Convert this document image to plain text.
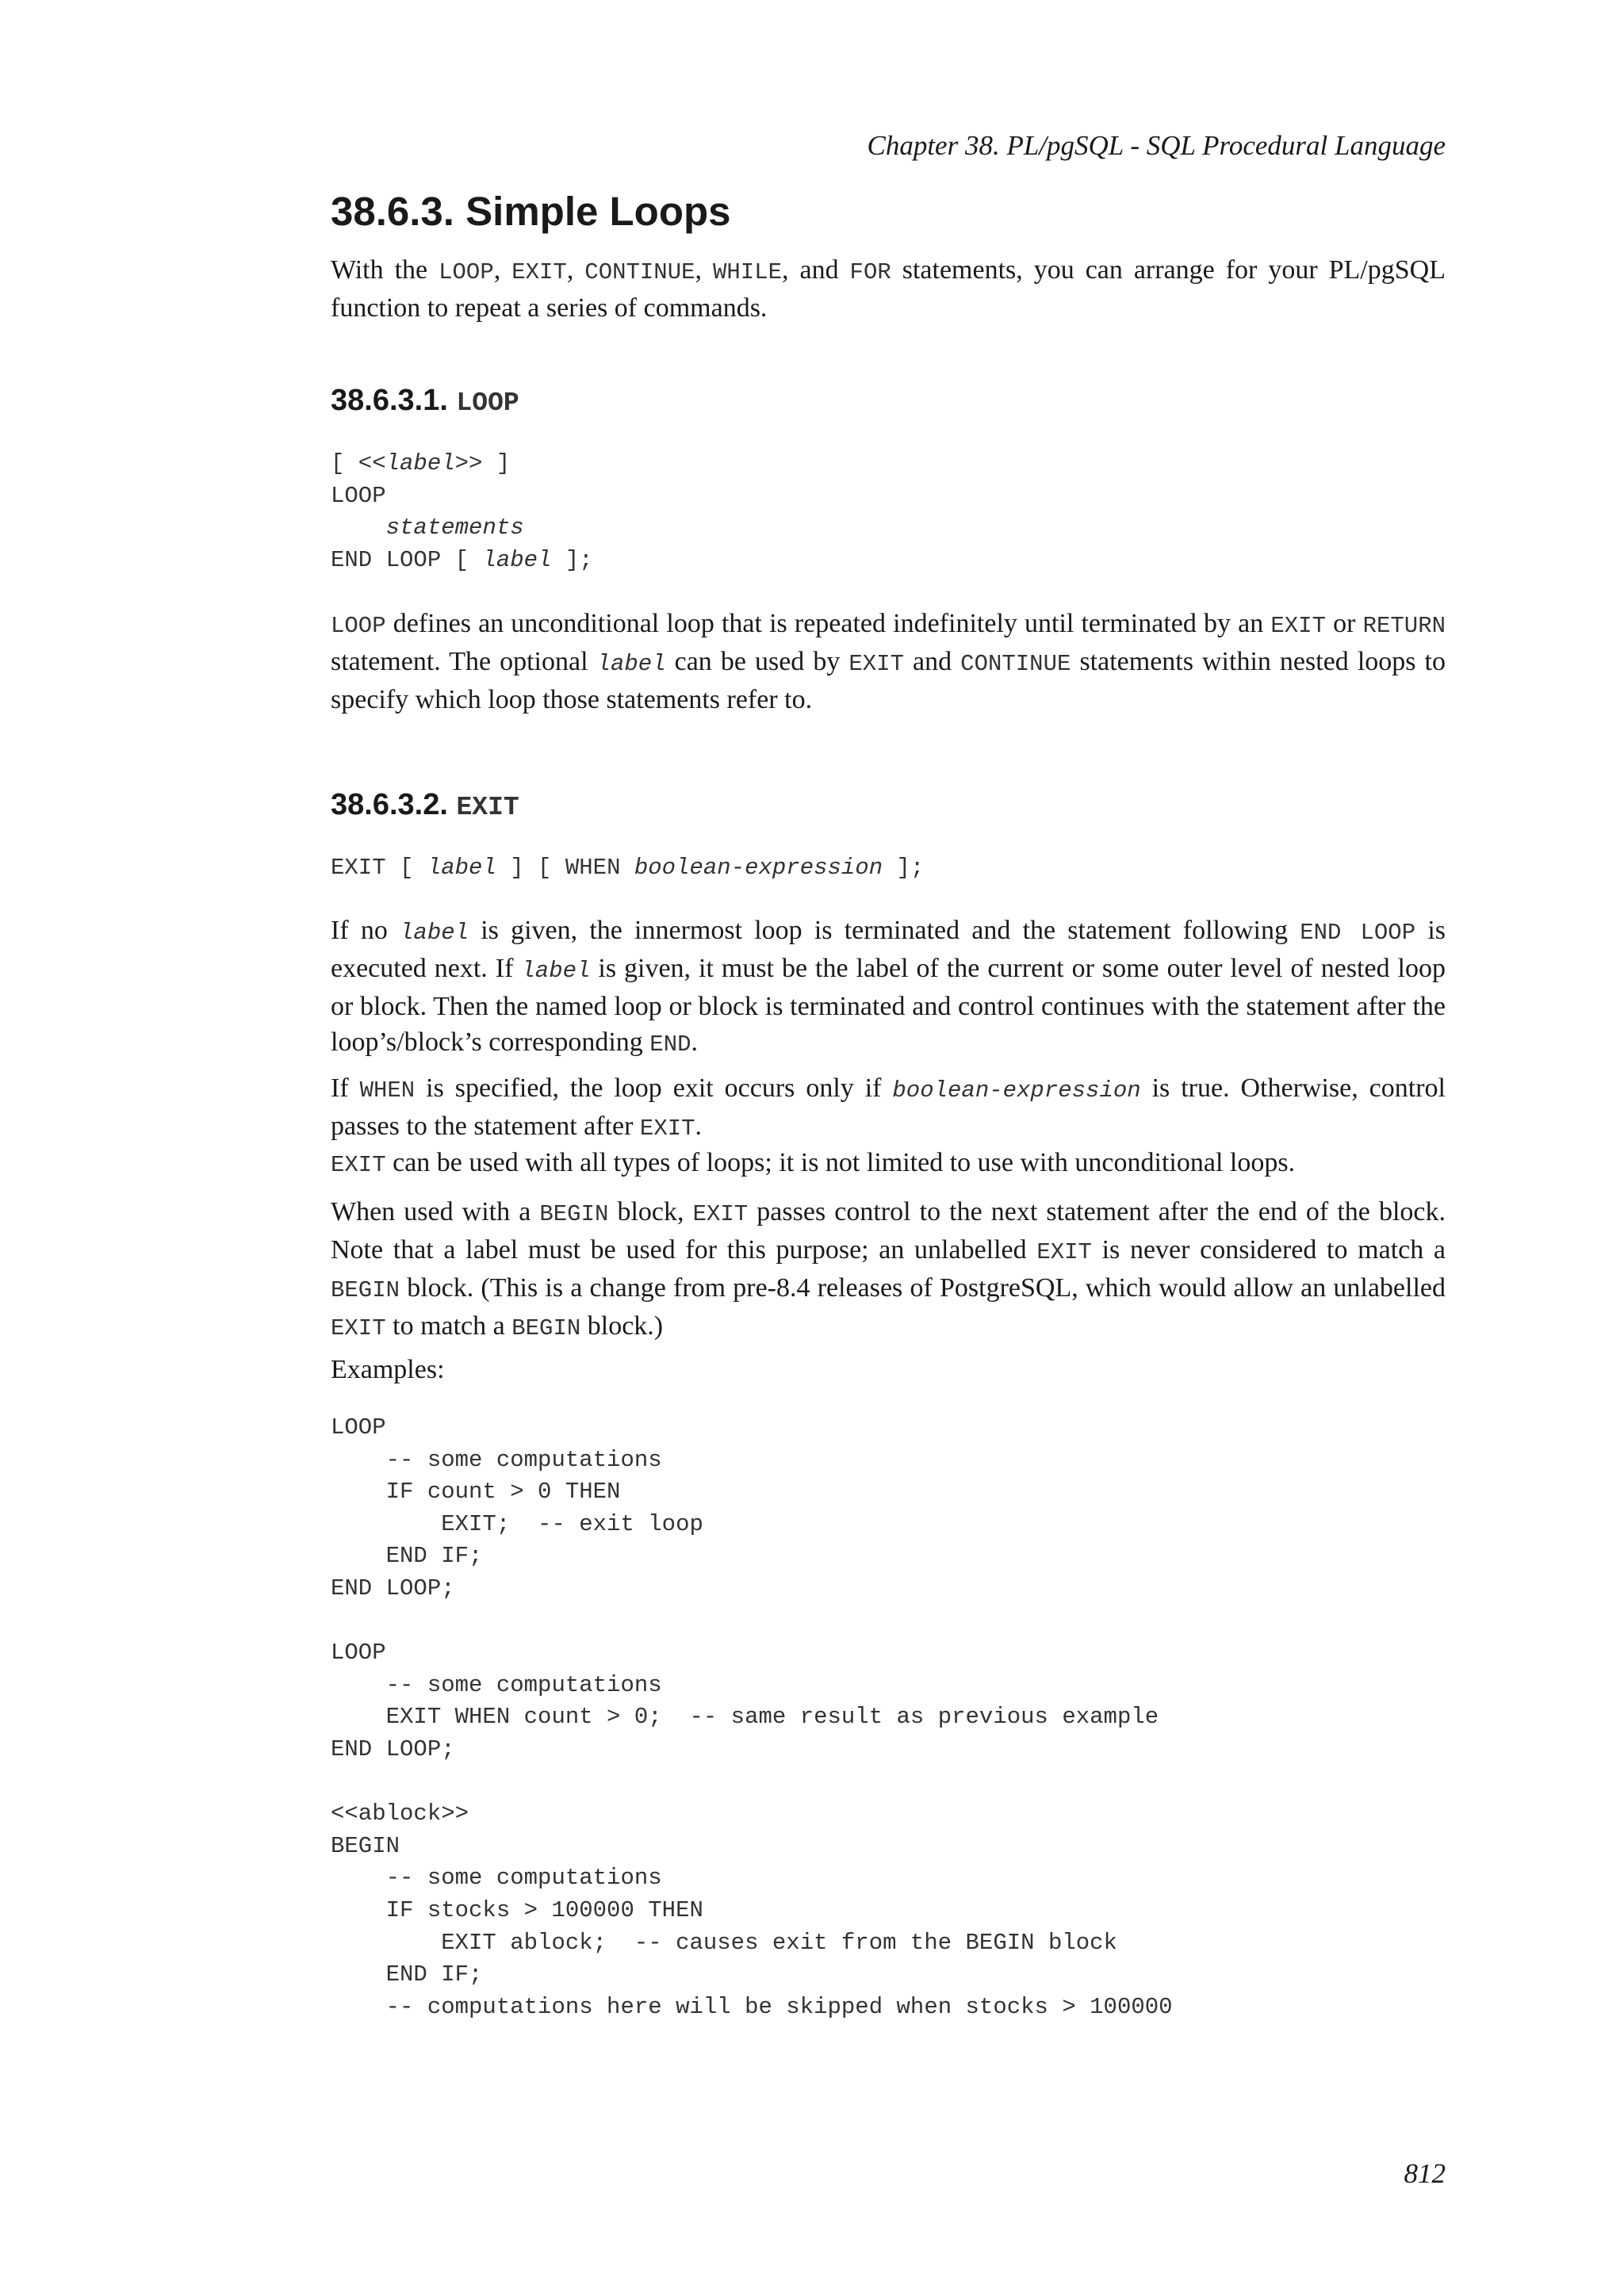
Chapter 38. PL/pgSQL - SQL Procedural Language
38.6.3. Simple Loops

With the LOOP, EXIT, CONTINUE, WHILE, and FOR statements, you can arrange for your PL/pgSQL function to repeat a series of commands.

38.6.3.1. LOOP
[ <<label>> ]
LOOP
statements
END LOOP [ label ];

LOOP defines an unconditional loop that is repeated indefinitely until terminated by an EXIT or RETURN statement. The optional label can be used by EXIT and CONTINUE statements within nested loops to specify which loop those statements refer to.

38.6.3.2. EXIT
EXIT [ label ] [ WHEN boolean-expression ];

If no label is given, the innermost loop is terminated and the statement following END LOOP is executed next. If label is given, it must be the label of the current or some outer level of nested loop or block. Then the named loop or block is terminated and control continues with the statement after the loop’s/block’s corresponding END.

If WHEN is specified, the loop exit occurs only if boolean-expression is true. Otherwise, control passes to the statement after EXIT.

EXIT can be used with all types of loops; it is not limited to use with unconditional loops.

When used with a BEGIN block, EXIT passes control to the next statement after the end of the block. Note that a label must be used for this purpose; an unlabelled EXIT is never considered to match a BEGIN block. (This is a change from pre-8.4 releases of PostgreSQL, which would allow an unlabelled EXIT to match a BEGIN block.)

Examples:

LOOP
-- some computations
IF count > 0 THEN
EXIT;  -- exit loop
END IF;
END LOOP;

LOOP
-- some computations
EXIT WHEN count > 0;  -- same result as previous example
END LOOP;

<<ablock>>
BEGIN
-- some computations
IF stocks > 100000 THEN
EXIT ablock;  -- causes exit from the BEGIN block
END IF;
-- computations here will be skipped when stocks > 100000
812
